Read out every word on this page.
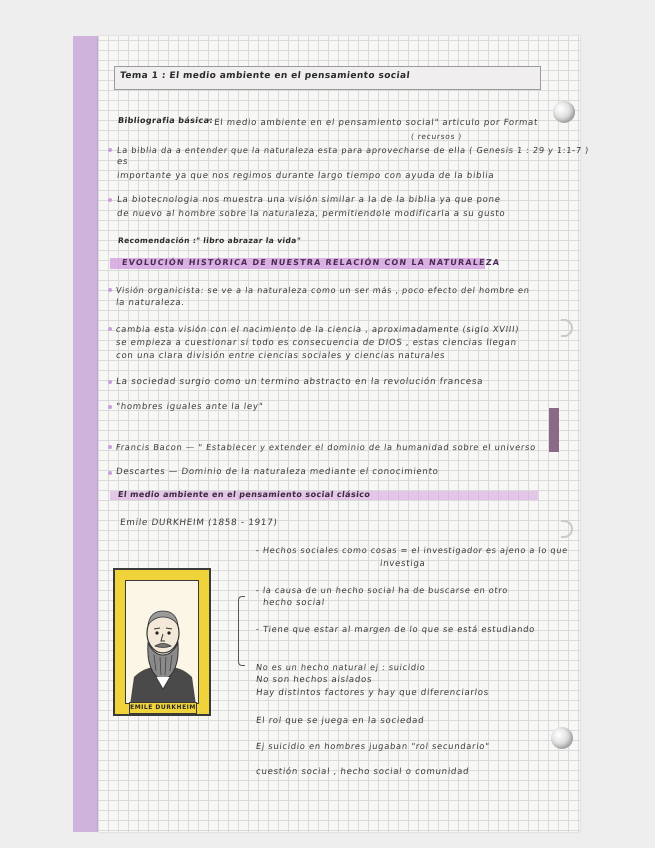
Tema 1 : El medio ambiente en el pensamiento social
Bibliografia básica:
" El medio ambiente en el pensamiento social" articulo por Format
( recursos )
La biblia da a entender que la naturaleza esta para aprovecharse de ella ( Genesis 1 : 29 y 1:1-7 )
es
importante ya que nos regimos durante largo tiempo con ayuda de la biblia
La biotecnologia nos muestra una visión similar a la de la biblia ya que pone
de nuevo al hombre sobre la naturaleza, permitiendole modificarla a su gusto
Recomendación :
" libro abrazar la vida"
EVOLUCIÓN HISTÓRICA DE NUESTRA RELACIÓN CON LA NATURALEZA
Visión organicista: se ve a la naturaleza como un ser más , poco efecto del hombre en
la naturaleza.
cambia esta visión con el nacimiento de la ciencia , aproximadamente (siglo XVIII)
se empieza a cuestionar si todo es consecuencia de DIOS , estas ciencias llegan
con una clara división entre ciencias sociales y ciencias naturales
La sociedad surgio como un termino abstracto en la revolución francesa
"hombres iguales ante la ley"
Francis Bacon — " Establecer y extender el dominio de la humanidad sobre el universo
Descartes — Dominio de la naturaleza mediante el conocimiento
El medio ambiente en el pensamiento social clásico
Emile DURKHEIM (1858 - 1917)
- Hechos sociales como cosas = el investigador es ajeno a lo que
investiga
- la causa de un hecho social ha de buscarse en otro
hecho social
- Tiene que estar al margen de lo que se está estudiando
No es un hecho natural ej : suicidio
No son hechos aislados
Hay distintos factores y hay que diferenciarlos
El rol que se juega en la sociedad
Ej suicidio en hombres jugaban "rol secundario"
cuestión social , hecho social o comunidad
EMILE DURKHEIM
